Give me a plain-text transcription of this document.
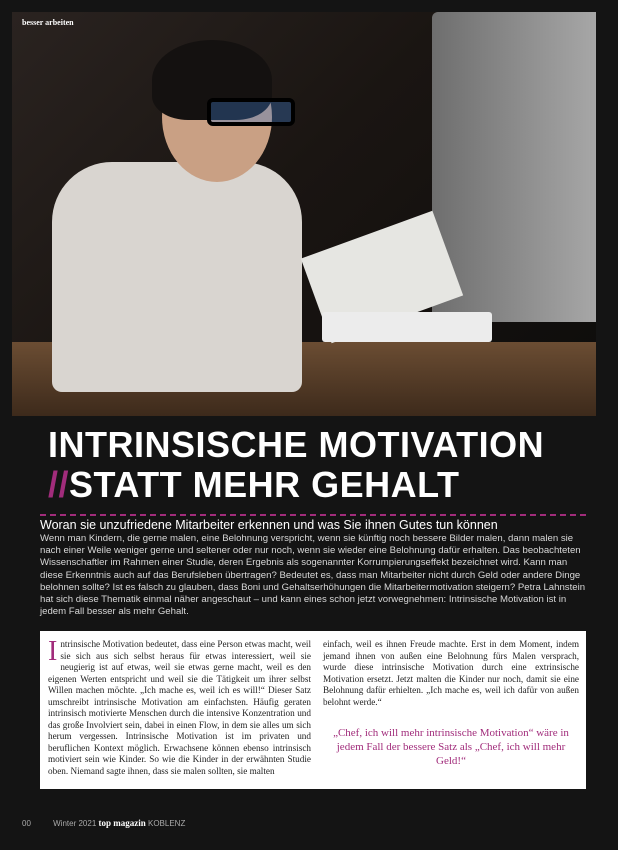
besser arbeiten
INTRINSISCHE MOTIVATION
//STATT MEHR GEHALT
Woran sie unzufriedene Mitarbeiter erkennen und was Sie ihnen Gutes tun können
Wenn man Kindern, die gerne malen, eine Belohnung verspricht, wenn sie künftig noch bessere Bilder malen, dann malen sie nach einer Weile weniger gerne und seltener oder nur noch, wenn sie wieder eine Belohnung dafür erhalten. Das beobachteten Wissenschaftler im Rahmen einer Studie, deren Ergebnis als sogenannter Korrumpierungseffekt bezeichnet wird. Kann man diese Erkenntnis auch auf das Berufsleben übertragen? Bedeutet es, dass man Mitarbeiter nicht durch Geld oder andere Dinge belohnen sollte? Ist es falsch zu glauben, dass Boni und Gehaltserhöhungen die Mitarbeitermotivation steigern? Petra Lahnstein hat sich diese Thematik einmal näher angeschaut – und kann eines schon jetzt vorwegnehmen: Intrinsische Motivation ist in jedem Fall besser als mehr Gehalt.
Intrinsische Motivation bedeutet, dass eine Person etwas macht, weil sie sich aus sich selbst heraus für etwas interessiert, weil sie neugierig ist auf etwas, weil sie etwas gerne macht, weil es den eigenen Werten entspricht und weil sie die Tätigkeit um ihrer selbst Willen machen möchte. „Ich mache es, weil ich es will!“ Dieser Satz umschreibt intrinsische Motivation am einfachsten. Häufig geraten intrinsisch motivierte Menschen durch die intensive Konzentration und das große Involviert sein, dabei in einen Flow, in dem sie alles um sich herum vergessen. Intrinsische Motivation ist im privaten und beruflichen Kontext möglich. Erwachsene können ebenso intrinsisch motiviert sein wie Kinder. So wie die Kinder in der erwähnten Studie oben. Niemand sagte ihnen, dass sie malen sollten, sie malten
einfach, weil es ihnen Freude machte. Erst in dem Moment, indem jemand ihnen von außen eine Belohnung fürs Malen versprach, wurde diese intrinsische Motivation durch eine extrinsische Motivation ersetzt. Jetzt malten die Kinder nur noch, damit sie eine Belohnung dafür erhielten. „Ich mache es, weil ich dafür von außen belohnt werde.“
„Chef, ich will mehr intrinsische Motivation“ wäre in jedem Fall der bessere Satz als „Chef, ich will mehr Geld!“
00	Winter 2021 top magazin KOBLENZ
